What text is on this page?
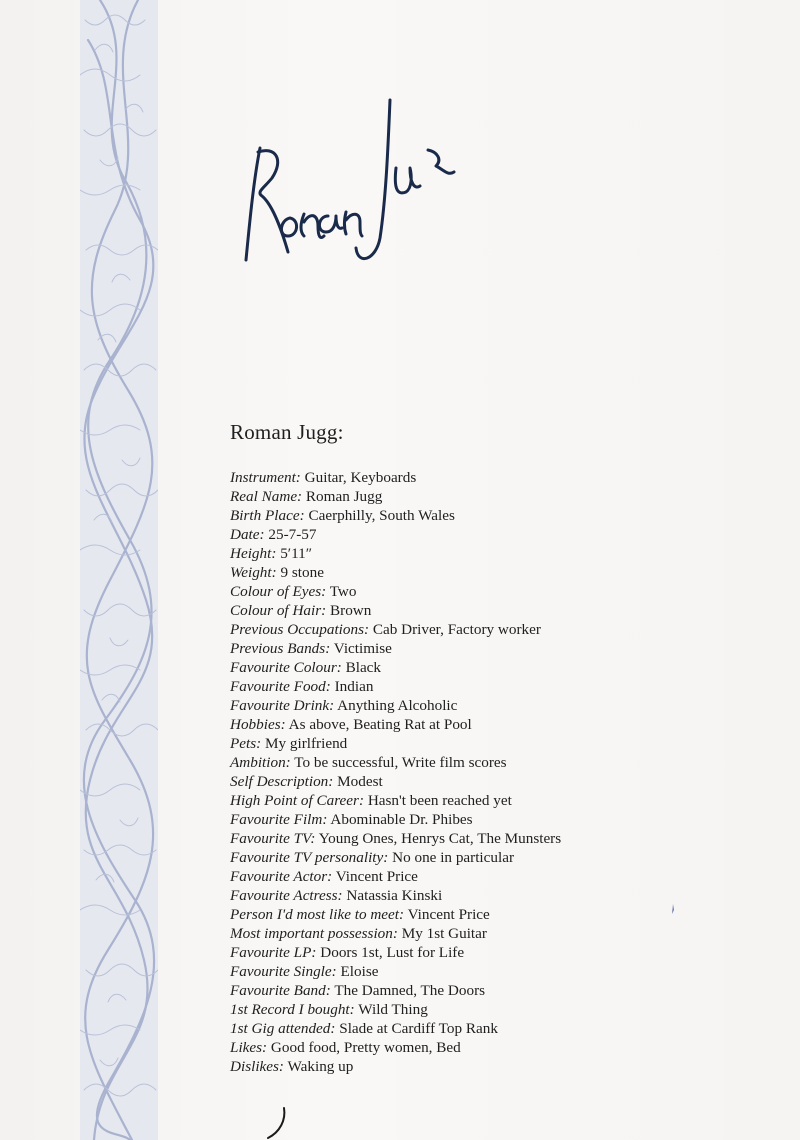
Roman Jugg:
Instrument: Guitar, Keyboards
Real Name: Roman Jugg
Birth Place: Caerphilly, South Wales
Date: 25-7-57
Height: 5′11″
Weight: 9 stone
Colour of Eyes: Two
Colour of Hair: Brown
Previous Occupations: Cab Driver, Factory worker
Previous Bands: Victimise
Favourite Colour: Black
Favourite Food: Indian
Favourite Drink: Anything Alcoholic
Hobbies: As above, Beating Rat at Pool
Pets: My girlfriend
Ambition: To be successful, Write film scores
Self Description: Modest
High Point of Career: Hasn't been reached yet
Favourite Film: Abominable Dr. Phibes
Favourite TV: Young Ones, Henrys Cat, The Munsters
Favourite TV personality: No one in particular
Favourite Actor: Vincent Price
Favourite Actress: Natassia Kinski
Person I'd most like to meet: Vincent Price
Most important possession: My 1st Guitar
Favourite LP: Doors 1st, Lust for Life
Favourite Single: Eloise
Favourite Band: The Damned, The Doors
1st Record I bought: Wild Thing
1st Gig attended: Slade at Cardiff Top Rank
Likes: Good food, Pretty women, Bed
Dislikes: Waking up
